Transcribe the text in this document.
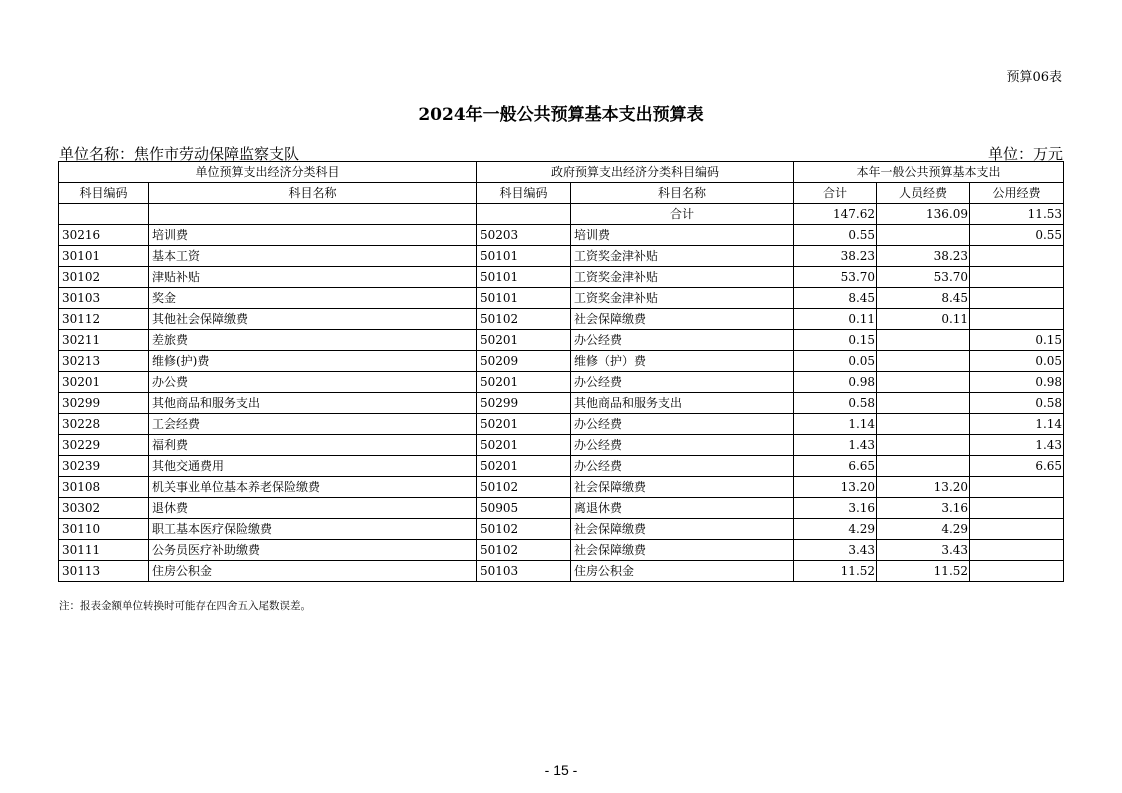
预算06表
2024年一般公共预算基本支出预算表
单位名称：焦作市劳动保障监察支队	单位：万元
单位预算支出经济分类科目		政府预算支出经济分类科目编码		本年一般公共预算基本支出		
科目编码	科目名称	科目编码	科目名称	合计	人员经费	公用经费
			合计	147.62	136.09	11.53
30216	培训费	50203	培训费	0.55		0.55
30101	基本工资	50101	工资奖金津补贴	38.23	38.23	
30102	津贴补贴	50101	工资奖金津补贴	53.70	53.70	
30103	奖金	50101	工资奖金津补贴	8.45	8.45	
30112	其他社会保障缴费	50102	社会保障缴费	0.11	0.11	
30211	差旅费	50201	办公经费	0.15		0.15
30213	维修(护)费	50209	维修（护）费	0.05		0.05
30201	办公费	50201	办公经费	0.98		0.98
30299	其他商品和服务支出	50299	其他商品和服务支出	0.58		0.58
30228	工会经费	50201	办公经费	1.14		1.14
30229	福利费	50201	办公经费	1.43		1.43
30239	其他交通费用	50201	办公经费	6.65		6.65
30108	机关事业单位基本养老保险缴费	50102	社会保障缴费	13.20	13.20	
30302	退休费	50905	离退休费	3.16	3.16	
30110	职工基本医疗保险缴费	50102	社会保障缴费	4.29	4.29	
30111	公务员医疗补助缴费	50102	社会保障缴费	3.43	3.43	
30113	住房公积金	50103	住房公积金	11.52	11.52	
注：报表金额单位转换时可能存在四舍五入尾数误差。
- 15 -
